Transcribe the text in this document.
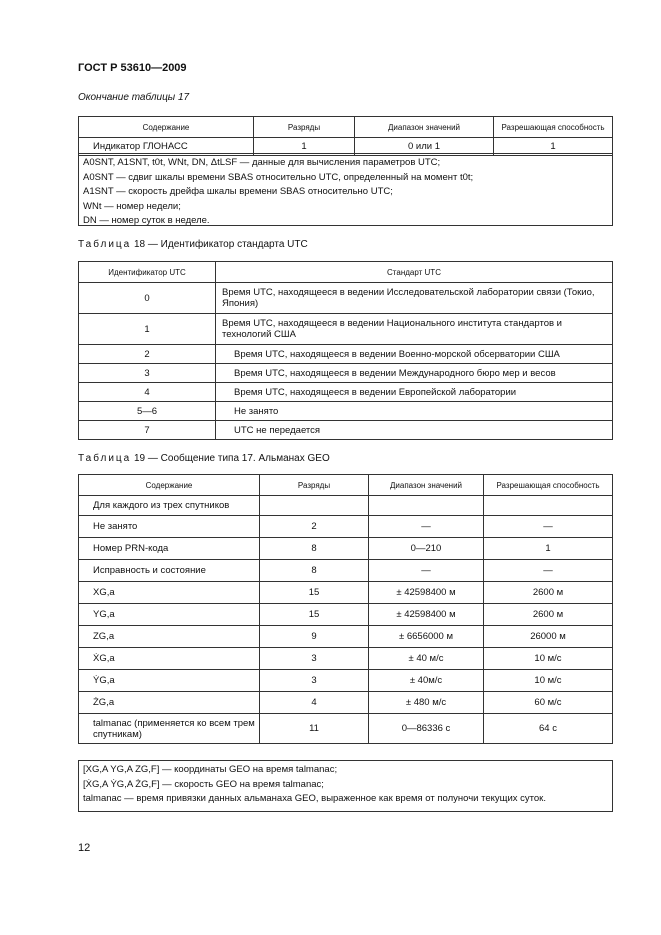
ГОСТ Р 53610—2009
Окончание таблицы 17
Содержание	Разряды	Диапазон значений	Разрешающая способность
Индикатор ГЛОНАСС	1	0 или 1	1
A0SNT, A1SNT, t0t, WNt, DN, ΔtLSF — данные для вычисления параметров UTC;
A0SNT — сдвиг шкалы времени SBAS относительно UTC, определенный на момент t0t;
A1SNT — скорость дрейфа шкалы времени SBAS относительно UTC;
WNt — номер недели;
DN — номер суток в неделе.
Таблица 18 — Идентификатор стандарта UTC
Идентификатор UTC	Стандарт UTC
0	Время UTC, находящееся в ведении Исследовательской лаборатории связи (Токио, Япония)
1	Время UTC, находящееся в ведении Национального института стандартов и технологий США
2	Время UTC, находящееся в ведении Военно-морской обсерватории США
3	Время UTC, находящееся в ведении Международного бюро мер и весов
4	Время UTC, находящееся в ведении Европейской лаборатории
5—6	Не занято
7	UTC не передается
Таблица 19 — Сообщение типа 17. Альманах GEO
Содержание	Разряды	Диапазон значений	Разрешающая способность
Для каждого из трех спутников			
Не занято	2	—	—
Номер PRN-кода	8	0—210	1
Исправность и состояние	8	—	—
XG,a	15	± 42598400 м	2600 м
YG,a	15	± 42598400 м	2600 м
ZG,a	9	± 6656000 м	26000 м
ẊG,a	3	± 40 м/с	10 м/с
ẎG,a	3	± 40м/с	10 м/с
ŻG,a	4	± 480 м/с	60 м/с
talmanac (применяется ко всем трем спутникам)	11	0—86336 с	64 с
[XG,A YG,A ZG,F] — координаты GEO на время talmanac;
[ẊG,A ẎG,A ŻG,F] — скорость GEO на время talmanac;
talmanac — время привязки данных альманаха GEO, выраженное как время от полуночи текущих суток.
12
